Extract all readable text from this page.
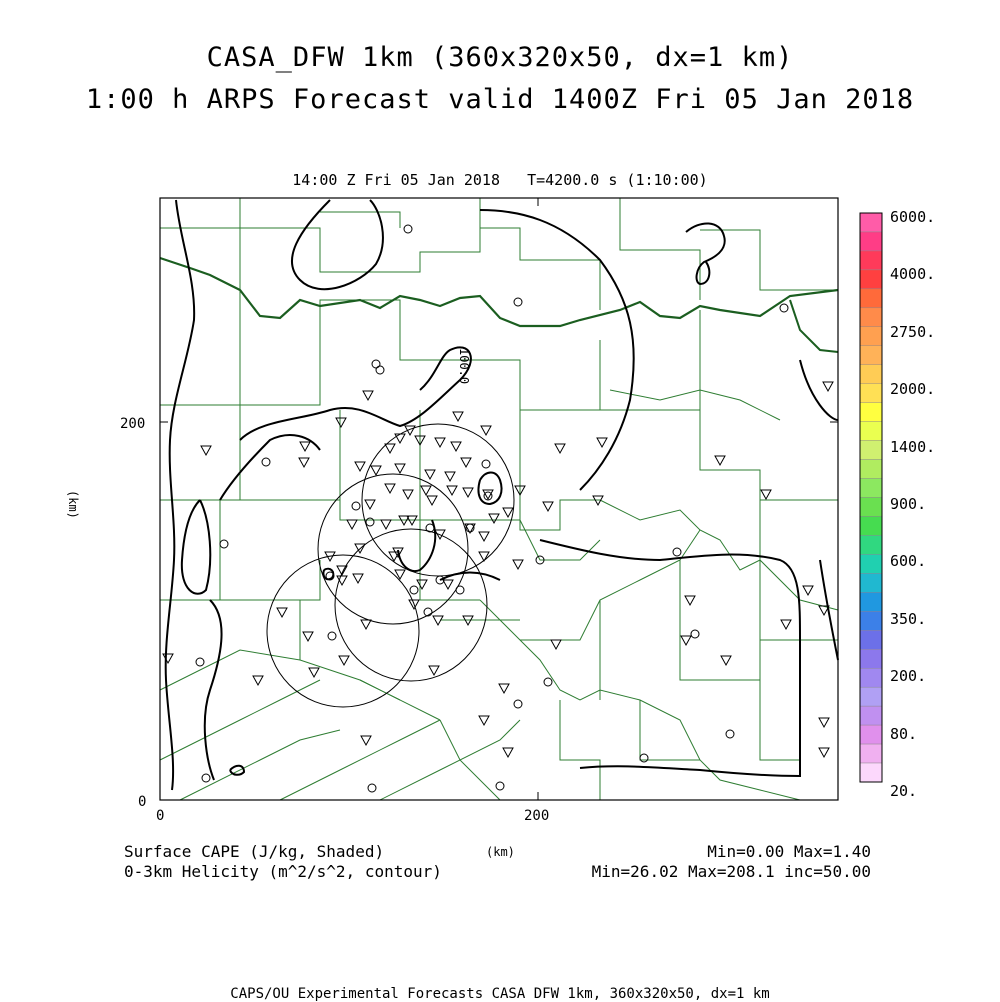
CASA_DFW 1km (360x320x50, dx=1 km)
1:00 h ARPS Forecast valid 1400Z Fri 05 Jan 2018
14:00 Z Fri 05 Jan 2018   T=4200.0 s (1:10:00)
100.0
200
0
0	200
(km)
6000.
4000.
2750.
2000.
1400.
900.
600.
350.
200.
80.
20.
Surface CAPE (J/kg, Shaded)
0-3km Helicity (m^2/s^2, contour)
(km)	Min=0.00 Max=1.40
Min=26.02 Max=208.1 inc=50.00
CAPS/OU Experimental Forecasts CASA DFW 1km, 360x320x50, dx=1 km
